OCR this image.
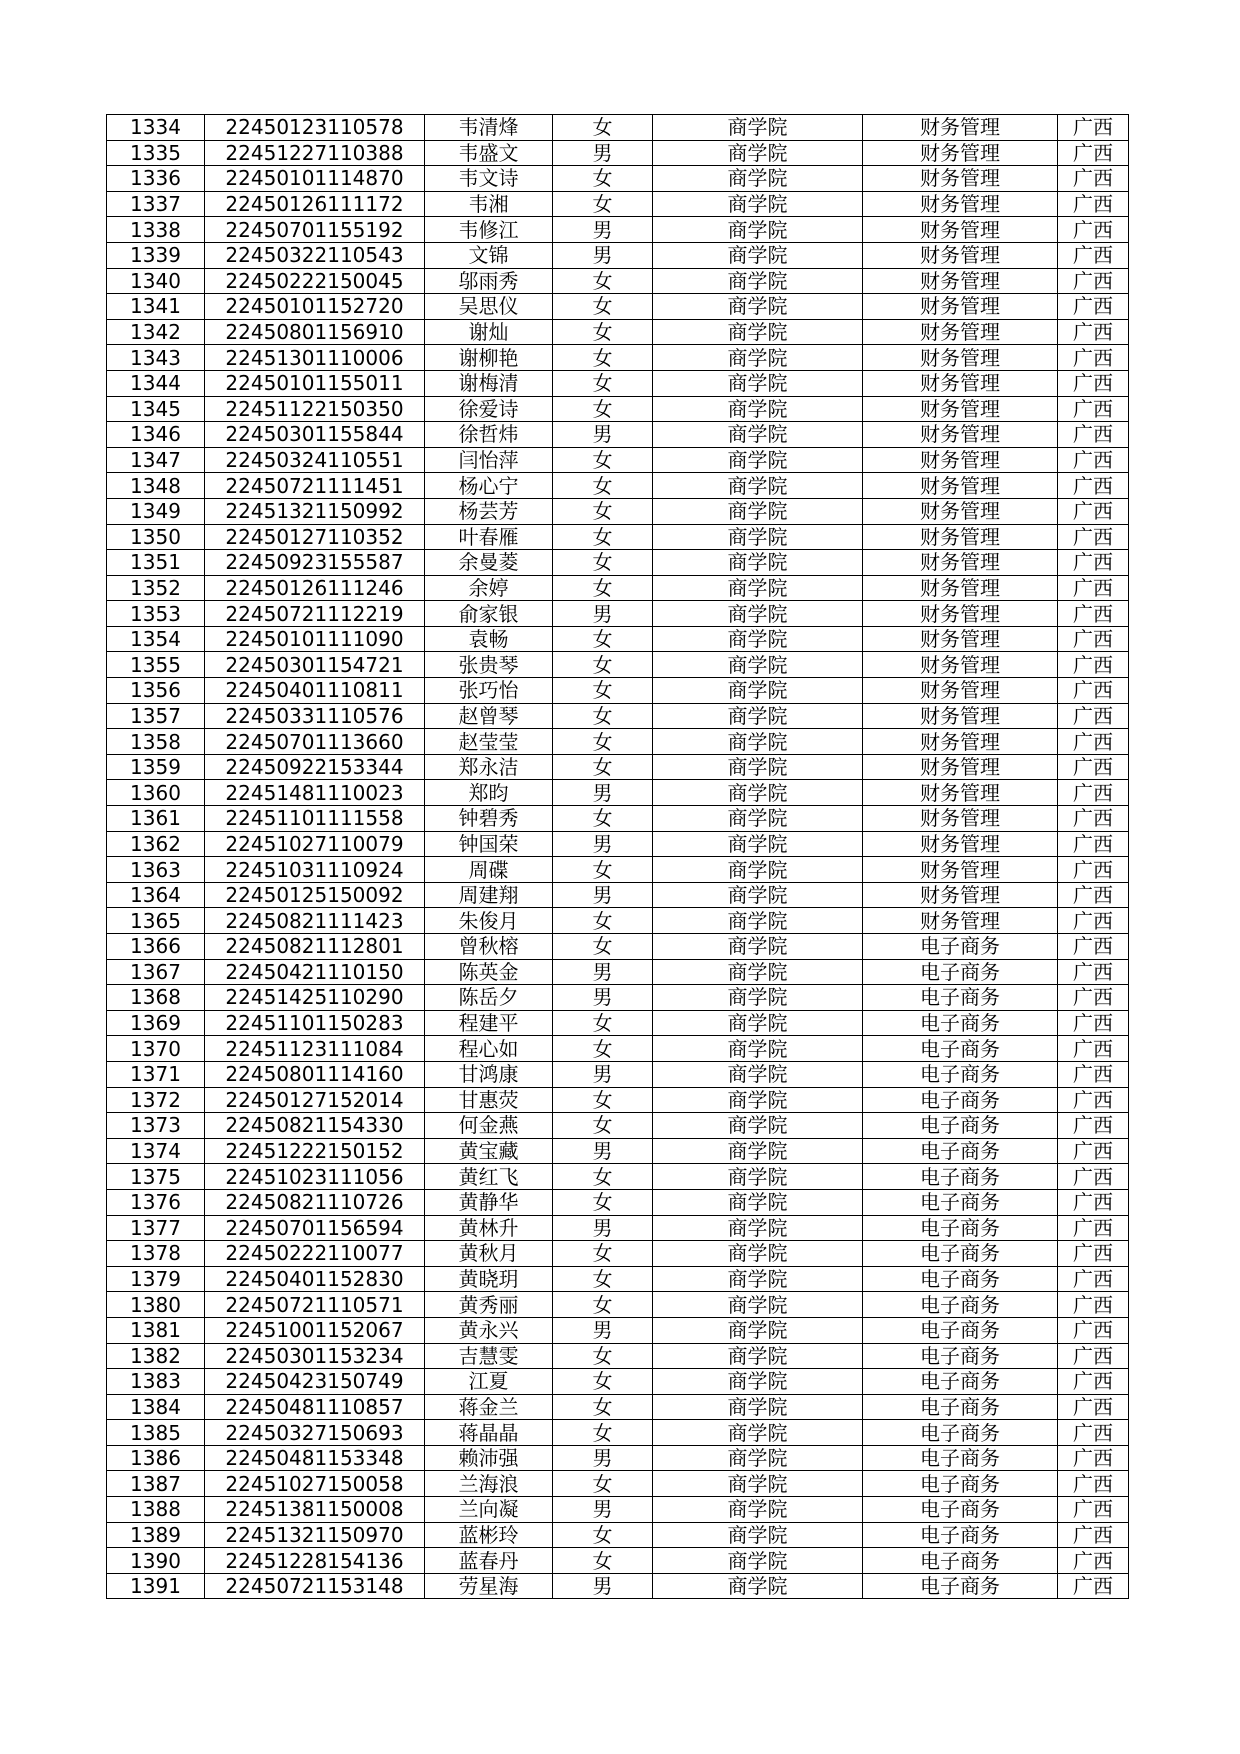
1334	22450123110578	韦清烽	女	商学院	财务管理	广西
1335	22451227110388	韦盛文	男	商学院	财务管理	广西
1336	22450101114870	韦文诗	女	商学院	财务管理	广西
1337	22450126111172	韦湘	女	商学院	财务管理	广西
1338	22450701155192	韦修江	男	商学院	财务管理	广西
1339	22450322110543	文锦	男	商学院	财务管理	广西
1340	22450222150045	邬雨秀	女	商学院	财务管理	广西
1341	22450101152720	吴思仪	女	商学院	财务管理	广西
1342	22450801156910	谢灿	女	商学院	财务管理	广西
1343	22451301110006	谢柳艳	女	商学院	财务管理	广西
1344	22450101155011	谢梅清	女	商学院	财务管理	广西
1345	22451122150350	徐爱诗	女	商学院	财务管理	广西
1346	22450301155844	徐哲炜	男	商学院	财务管理	广西
1347	22450324110551	闫怡萍	女	商学院	财务管理	广西
1348	22450721111451	杨心宁	女	商学院	财务管理	广西
1349	22451321150992	杨芸芳	女	商学院	财务管理	广西
1350	22450127110352	叶春雁	女	商学院	财务管理	广西
1351	22450923155587	余曼菱	女	商学院	财务管理	广西
1352	22450126111246	余婷	女	商学院	财务管理	广西
1353	22450721112219	俞家银	男	商学院	财务管理	广西
1354	22450101111090	袁畅	女	商学院	财务管理	广西
1355	22450301154721	张贵琴	女	商学院	财务管理	广西
1356	22450401110811	张巧怡	女	商学院	财务管理	广西
1357	22450331110576	赵曾琴	女	商学院	财务管理	广西
1358	22450701113660	赵莹莹	女	商学院	财务管理	广西
1359	22450922153344	郑永洁	女	商学院	财务管理	广西
1360	22451481110023	郑昀	男	商学院	财务管理	广西
1361	22451101111558	钟碧秀	女	商学院	财务管理	广西
1362	22451027110079	钟国荣	男	商学院	财务管理	广西
1363	22451031110924	周碟	女	商学院	财务管理	广西
1364	22450125150092	周建翔	男	商学院	财务管理	广西
1365	22450821111423	朱俊月	女	商学院	财务管理	广西
1366	22450821112801	曾秋榕	女	商学院	电子商务	广西
1367	22450421110150	陈英金	男	商学院	电子商务	广西
1368	22451425110290	陈岳夕	男	商学院	电子商务	广西
1369	22451101150283	程建平	女	商学院	电子商务	广西
1370	22451123111084	程心如	女	商学院	电子商务	广西
1371	22450801114160	甘鸿康	男	商学院	电子商务	广西
1372	22450127152014	甘惠荧	女	商学院	电子商务	广西
1373	22450821154330	何金燕	女	商学院	电子商务	广西
1374	22451222150152	黄宝藏	男	商学院	电子商务	广西
1375	22451023111056	黄红飞	女	商学院	电子商务	广西
1376	22450821110726	黄静华	女	商学院	电子商务	广西
1377	22450701156594	黄林升	男	商学院	电子商务	广西
1378	22450222110077	黄秋月	女	商学院	电子商务	广西
1379	22450401152830	黄晓玥	女	商学院	电子商务	广西
1380	22450721110571	黄秀丽	女	商学院	电子商务	广西
1381	22451001152067	黄永兴	男	商学院	电子商务	广西
1382	22450301153234	吉慧雯	女	商学院	电子商务	广西
1383	22450423150749	江夏	女	商学院	电子商务	广西
1384	22450481110857	蒋金兰	女	商学院	电子商务	广西
1385	22450327150693	蒋晶晶	女	商学院	电子商务	广西
1386	22450481153348	赖沛强	男	商学院	电子商务	广西
1387	22451027150058	兰海浪	女	商学院	电子商务	广西
1388	22451381150008	兰向凝	男	商学院	电子商务	广西
1389	22451321150970	蓝彬玲	女	商学院	电子商务	广西
1390	22451228154136	蓝春丹	女	商学院	电子商务	广西
1391	22450721153148	劳星海	男	商学院	电子商务	广西
